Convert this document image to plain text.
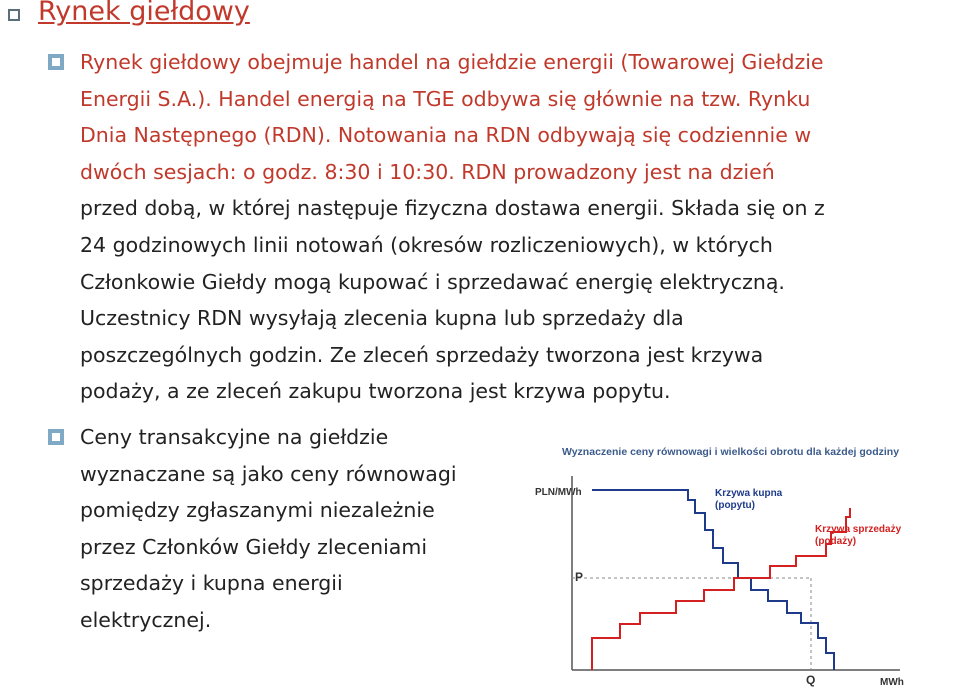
Rynek giełdowy
Rynek giełdowy obejmuje handel na giełdzie energii (Towarowej Giełdzie
Energii S.A.). Handel energią na TGE odbywa się głównie na tzw. Rynku
Dnia Następnego (RDN). Notowania na RDN odbywają się codziennie w
dwóch sesjach: o godz. 8:30 i 10:30. RDN prowadzony jest na dzień
przed dobą, w której następuje fizyczna dostawa energii. Składa się on z
24 godzinowych linii notowań (okresów rozliczeniowych), w których
Członkowie Giełdy mogą kupować i sprzedawać energię elektryczną.
Uczestnicy RDN wysyłają zlecenia kupna lub sprzedaży dla
poszczególnych godzin. Ze zleceń sprzedaży tworzona jest krzywa
podaży, a ze zleceń zakupu tworzona jest krzywa popytu.
Ceny transakcyjne na giełdzie
wyznaczane są jako ceny równowagi
pomiędzy zgłaszanymi niezależnie
przez Członków Giełdy zleceniami
sprzedaży i kupna energii
elektrycznej.
Wyznaczenie ceny równowagi i wielkości obrotu dla każdej godziny
PLN/MWh
MWh
P
Q
Krzywa kupna
(popytu)
Krzywa sprzedaży
(podaży)
